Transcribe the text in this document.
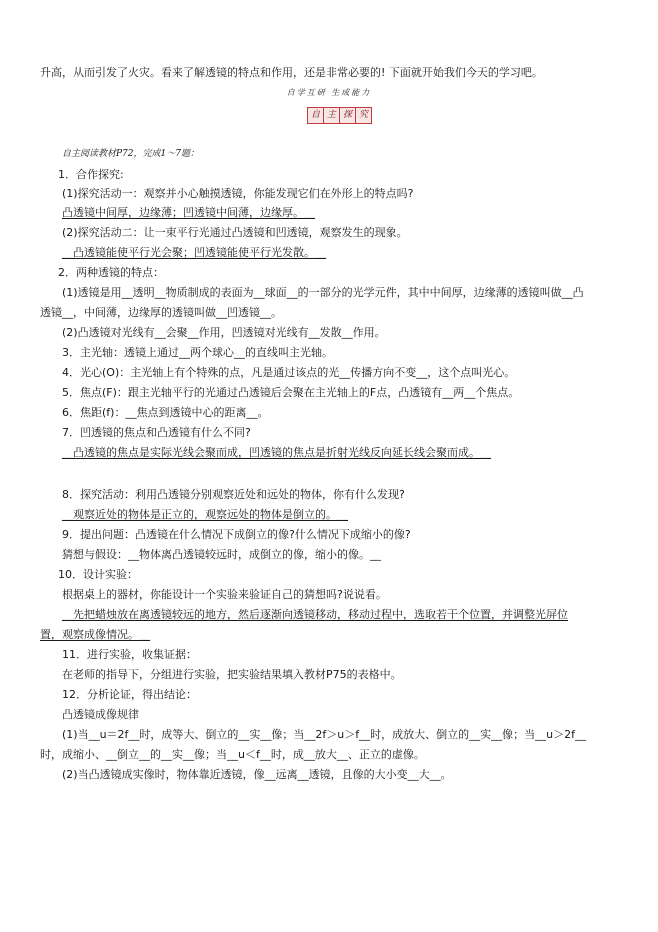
升高，从而引发了火灾。看来了解透镜的特点和作用，还是非常必要的! 下面就开始我们今天的学习吧。
自学互研 生成能力
自 主 探 究
自主阅读教材P72，完成1～7题：
1．合作探究:
(1)探究活动一：观察并小心触摸透镜，你能发现它们在外形上的特点吗?
凸透镜中间厚，边缘薄；凹透镜中间薄，边缘厚。__
(2)探究活动二：让一束平行光通过凸透镜和凹透镜，观察发生的现象。
__凸透镜能使平行光会聚；凹透镜能使平行光发散。__
2．两种透镜的特点：
(1)透镜是用__透明__物质制成的表面为__球面__的一部分的光学元件，其中中间厚，边缘薄的透镜叫做__凸
透镜__，中间薄，边缘厚的透镜叫做__凹透镜__。
(2)凸透镜对光线有__会聚__作用，凹透镜对光线有__发散__作用。
3．主光轴：透镜上通过__两个球心__的直线叫主光轴。
4．光心(O)：主光轴上有个特殊的点，凡是通过该点的光__传播方向不变__，这个点叫光心。
5．焦点(F)：跟主光轴平行的光通过凸透镜后会聚在主光轴上的F点，凸透镜有__两__个焦点。
6．焦距(f)：__焦点到透镜中心的距离__。
7．凹透镜的焦点和凸透镜有什么不同?
__凸透镜的焦点是实际光线会聚而成，凹透镜的焦点是折射光线反向延长线会聚而成。__
8．探究活动：利用凸透镜分别观察近处和远处的物体，你有什么发现?
__观察近处的物体是正立的，观察远处的物体是倒立的。__
9．提出问题：凸透镜在什么情况下成倒立的像?什么情况下成缩小的像?
猜想与假设：__物体离凸透镜较远时，成倒立的像，缩小的像。__
10．设计实验：
根据桌上的器材，你能设计一个实验来验证自己的猜想吗?说说看。
__先把蜡烛放在离透镜较远的地方，然后逐渐向透镜移动，移动过程中，选取若干个位置，并调整光屏位
置，观察成像情况。__
11．进行实验，收集证据：
在老师的指导下，分组进行实验，把实验结果填入教材P75的表格中。
12．分析论证，得出结论：
凸透镜成像规律
(1)当__u＝2f__时，成等大、倒立的__实__像；当__2f＞u＞f__时，成放大、倒立的__实__像；当__u＞2f__
时，成缩小、__倒立__的__实__像；当__u＜f__时，成__放大__、正立的虚像。
(2)当凸透镜成实像时，物体靠近透镜，像__远离__透镜，且像的大小变__大__。
